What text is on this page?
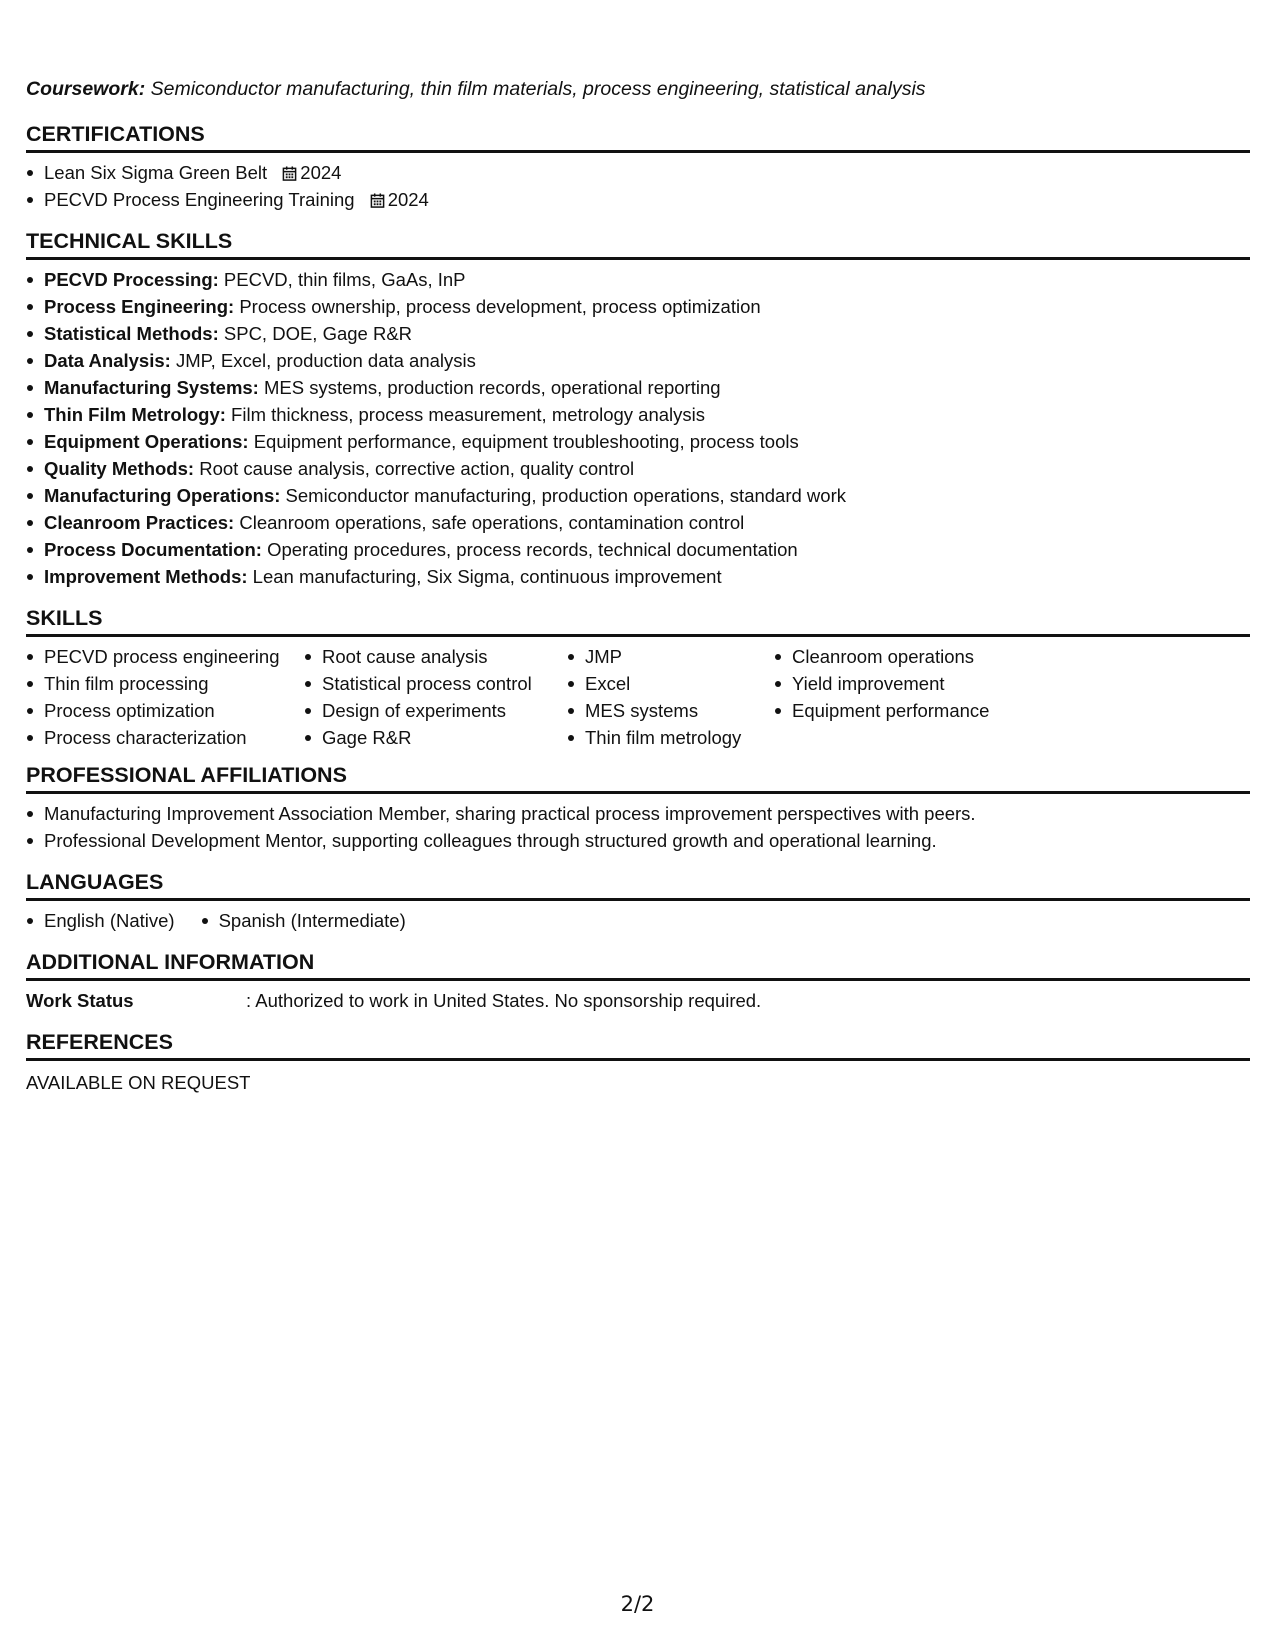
Coursework: Semiconductor manufacturing, thin film materials, process engineering, statistical analysis

CERTIFICATIONS
Lean Six Sigma Green Belt 2024
PECVD Process Engineering Training 2024
TECHNICAL SKILLS
PECVD Processing: PECVD, thin films, GaAs, InP
Process Engineering: Process ownership, process development, process optimization
Statistical Methods: SPC, DOE, Gage R&R
Data Analysis: JMP, Excel, production data analysis
Manufacturing Systems: MES systems, production records, operational reporting
Thin Film Metrology: Film thickness, process measurement, metrology analysis
Equipment Operations: Equipment performance, equipment troubleshooting, process tools
Quality Methods: Root cause analysis, corrective action, quality control
Manufacturing Operations: Semiconductor manufacturing, production operations, standard work
Cleanroom Practices: Cleanroom operations, safe operations, contamination control
Process Documentation: Operating procedures, process records, technical documentation
Improvement Methods: Lean manufacturing, Six Sigma, continuous improvement
SKILLS
PECVD process engineering
Thin film processing
Process optimization
Process characterization
Root cause analysis
Statistical process control
Design of experiments
Gage R&R
JMP
Excel
MES systems
Thin film metrology
Cleanroom operations
Yield improvement
Equipment performance
PROFESSIONAL AFFILIATIONS
Manufacturing Improvement Association Member, sharing practical process improvement perspectives with peers.
Professional Development Mentor, supporting colleagues through structured growth and operational learning.
LANGUAGES
English (Native)	Spanish (Intermediate)
ADDITIONAL INFORMATION
Work Status	: Authorized to work in United States. No sponsorship required.
REFERENCES

AVAILABLE ON REQUEST

2/2
